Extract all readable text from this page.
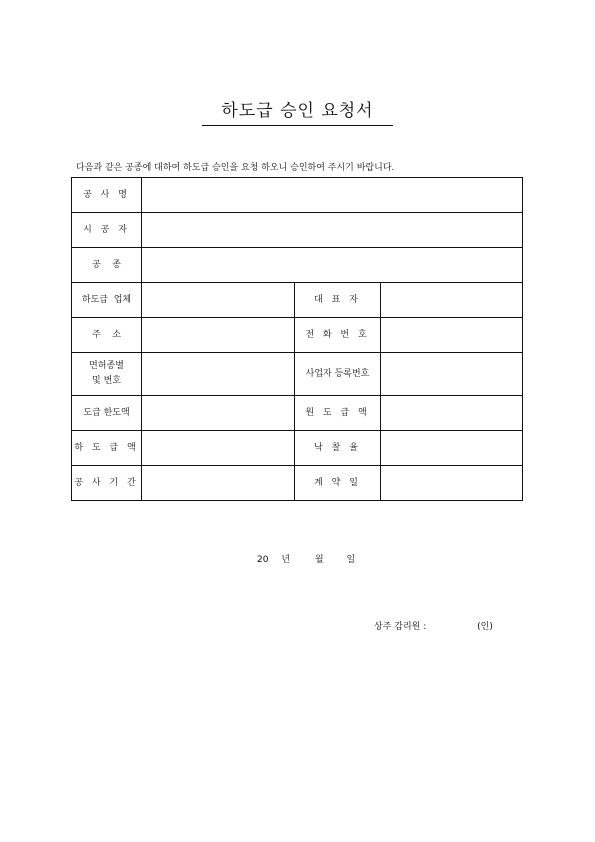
하도급 승인 요청서
다음과 같은 공종에 대하여 하도급 승인을 요청 하오니 승인하여 주시기 바랍니다.
공 사 명			
시 공 자			
공    종			
하도급  업체		대 표 자	
주    소		전 화 번 호	

면허종별
및 번호		사업자 등록번호	
도급 한도액		원 도 급 액	
하 도 급 액		낙 찰 율	
공 사 기 간		계 약 일	
20 년	월	일
상주 감리원 :	(인)
